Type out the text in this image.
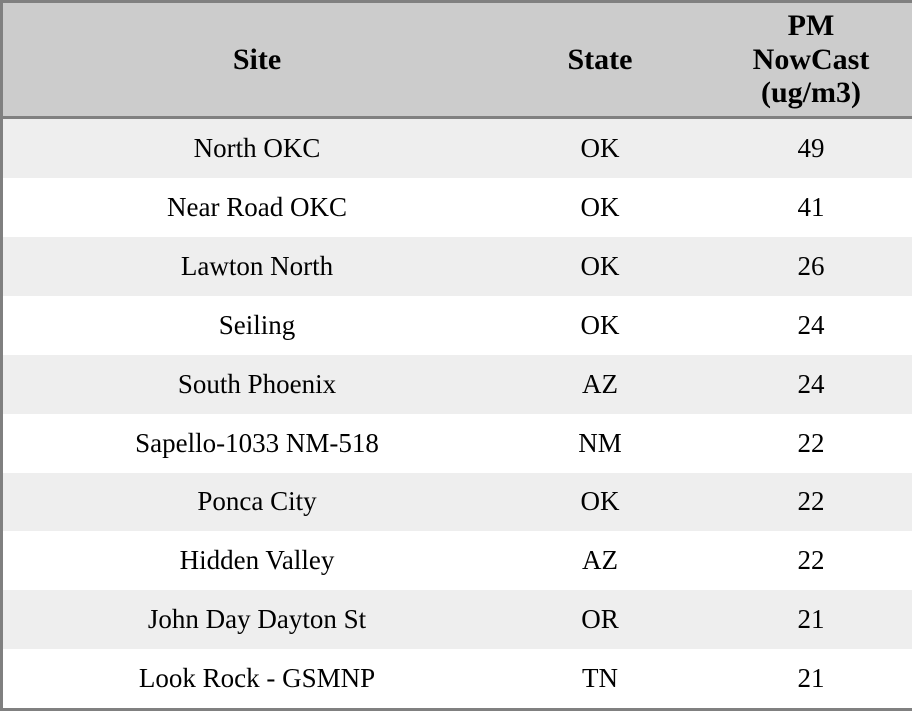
Site	State	PM
NowCast
(ug/m3)

North OKC	OK	49
Near Road OKC	OK	41
Lawton North	OK	26
Seiling	OK	24
South Phoenix	AZ	24
Sapello-1033 NM-518	NM	22
Ponca City	OK	22
Hidden Valley	AZ	22
John Day Dayton St	OR	21
Look Rock - GSMNP	TN	21
